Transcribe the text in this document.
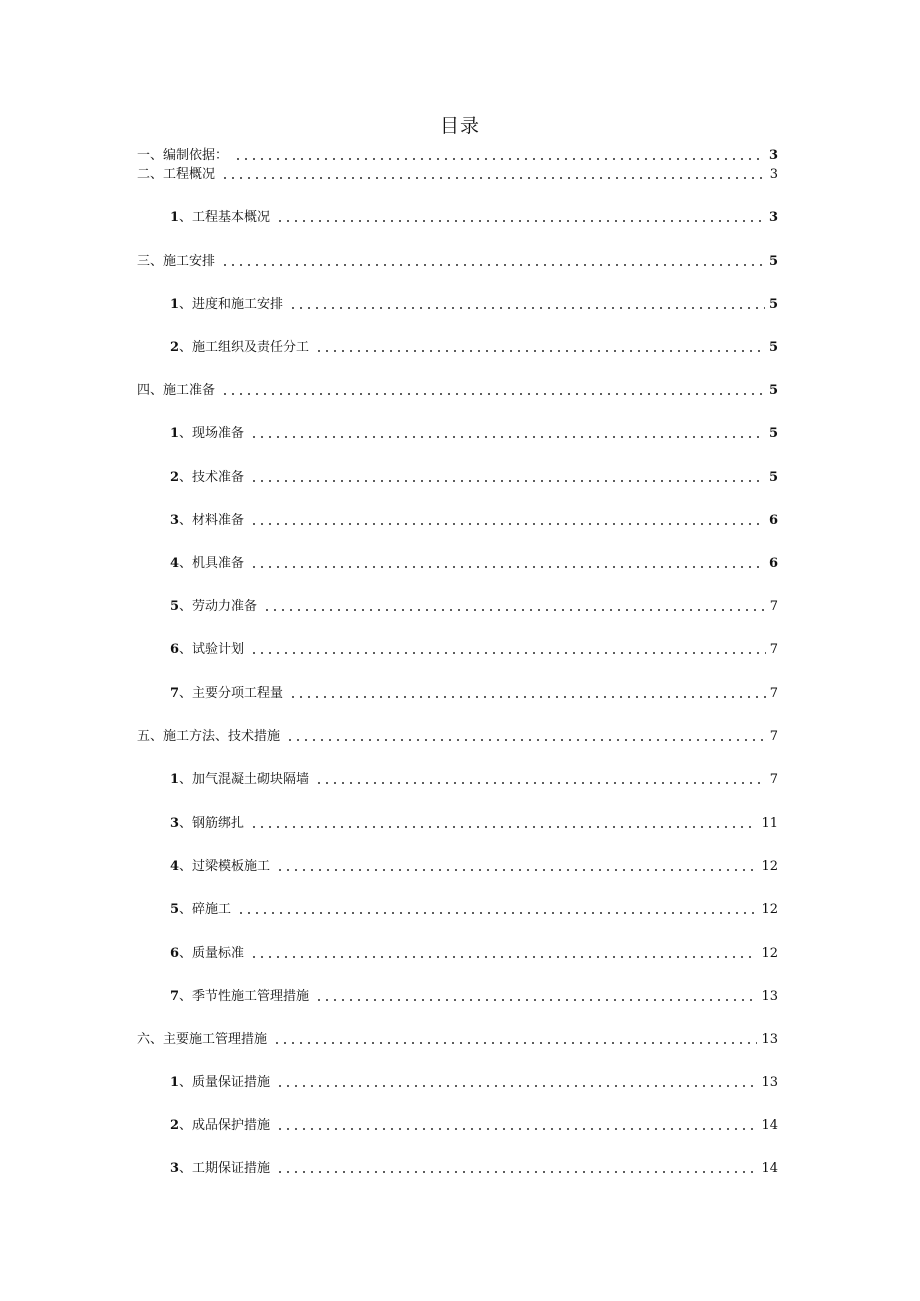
目录
一、编制依据：	3
二、工程概况	3
1 、工程基本概况	3
三、施工安排	5
1 、进度和施工安排	5
2 、施工组织及责任分工	5
四、施工准备	5
1 、现场准备	5
2 、技术准备	5
3 、材料准备	6
4 、机具准备	6
5 、劳动力准备	7
6 、试验计划	7
7 、主要分项工程量	7
五、施工方法、技术措施	7
1 、加气混凝土砌块隔墙	7
3 、钢筋绑扎	11
4 、过梁模板施工	12
5 、碎施工	12
6 、质量标准	12
7 、季节性施工管理措施	13
六、主要施工管理措施	13
1 、质量保证措施	13
2 、成品保护措施	14
3 、工期保证措施	14
